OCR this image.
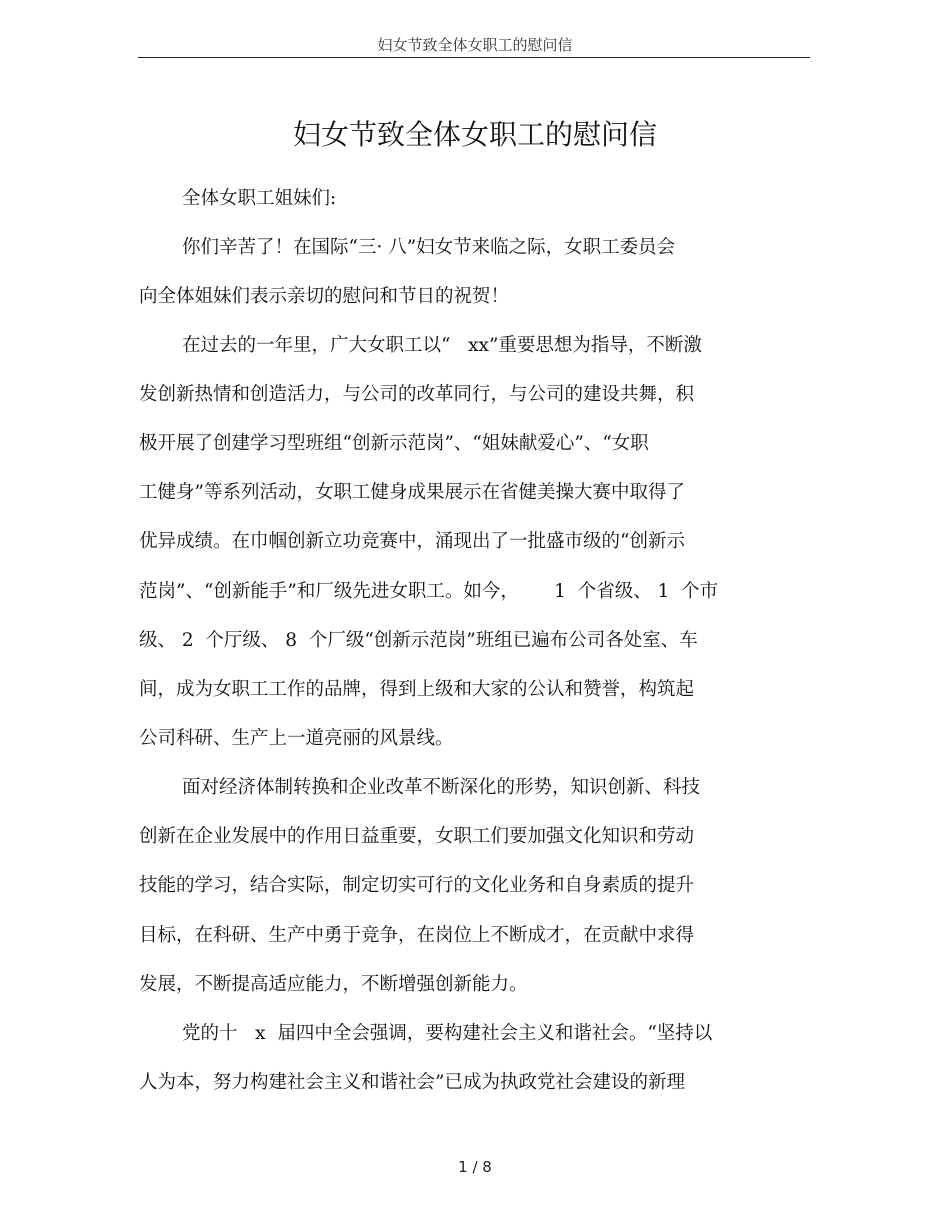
妇女节致全体女职工的慰问信
妇女节致全体女职工的慰问信
全体女职工姐妹们:
你们辛苦了！在国际“三· 八”妇女节来临之际，女职工委员会
向全体姐妹们表示亲切的慰问和节日的祝贺！
在过去的一年里，广大女职工以“   xx”重要思想为指导，不断激
发创新热情和创造活力，与公司的改革同行，与公司的建设共舞，积
极开展了创建学习型班组“创新示范岗”、“姐妹献爱心”、“女职
工健身”等系列活动，女职工健身成果展示在省健美操大赛中取得了
优异成绩。在巾帼创新立功竞赛中，涌现出了一批盛市级的“创新示
范岗”、“创新能手”和厂级先进女职工。如今，      1  个省级、 1  个市
级、 2  个厅级、 8  个厂级“创新示范岗”班组已遍布公司各处室、车
间，成为女职工工作的品牌，得到上级和大家的公认和赞誉，构筑起
公司科研、生产上一道亮丽的风景线。
面对经济体制转换和企业改革不断深化的形势，知识创新、科技
创新在企业发展中的作用日益重要，女职工们要加强文化知识和劳动
技能的学习，结合实际，制定切实可行的文化业务和自身素质的提升
目标，在科研、生产中勇于竞争，在岗位上不断成才，在贡献中求得
发展，不断提高适应能力，不断增强创新能力。
党的十   x  届四中全会强调，要构建社会主义和谐社会。“坚持以
人为本，努力构建社会主义和谐社会”已成为执政党社会建设的新理
1 / 8
